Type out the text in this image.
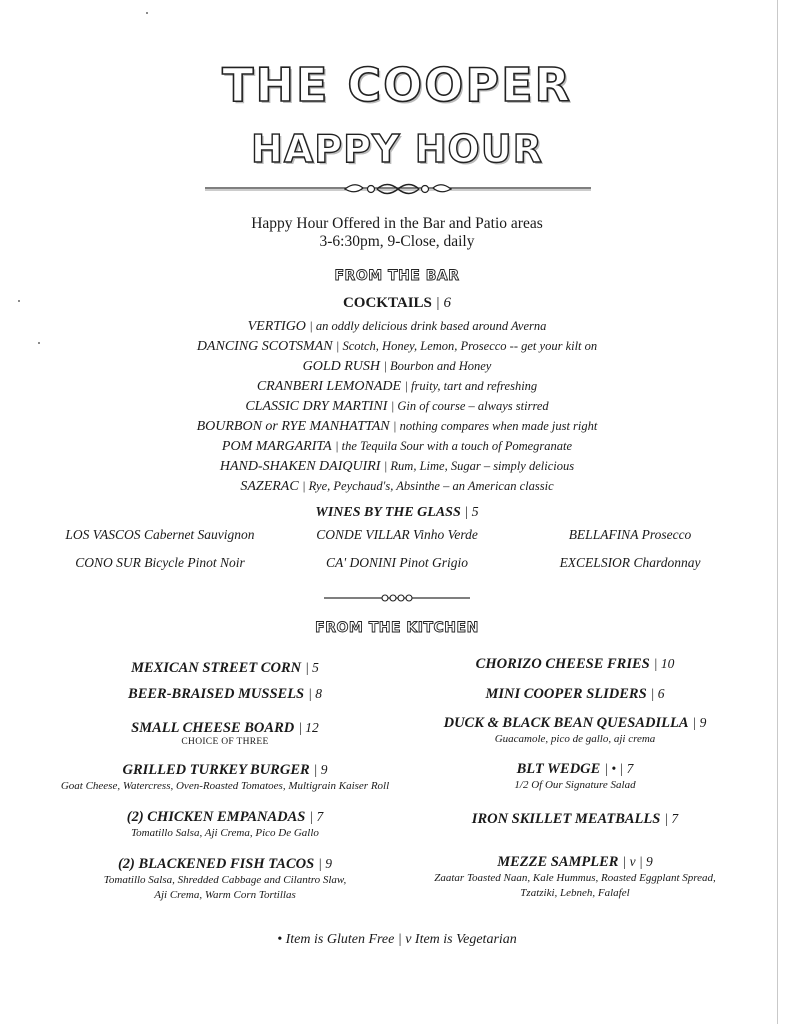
THE COOPER
HAPPY HOUR
Happy Hour Offered in the Bar and Patio areas
3-6:30pm, 9-Close, daily
FROM THE BAR
COCKTAILS | 6
VERTIGO | an oddly delicious drink based around Averna
DANCING SCOTSMAN | Scotch, Honey, Lemon, Prosecco -- get your kilt on
GOLD RUSH | Bourbon and Honey
CRANBERI LEMONADE | fruity, tart and refreshing
CLASSIC DRY MARTINI | Gin of course – always stirred
BOURBON or RYE MANHATTAN | nothing compares when made just right
POM MARGARITA | the Tequila Sour with a touch of Pomegranate
HAND-SHAKEN DAIQUIRI | Rum, Lime, Sugar – simply delicious
SAZERAC | Rye, Peychaud's, Absinthe – an American classic
WINES BY THE GLASS | 5
LOS VASCOS Cabernet Sauvignon	CONDE VILLAR Vinho Verde	BELLAFINA Prosecco
CONO SUR Bicycle Pinot Noir	CA' DONINI Pinot Grigio	EXCELSIOR Chardonnay
FROM THE KITCHEN
MEXICAN STREET CORN | 5
BEER-BRAISED MUSSELS | 8
SMALL CHEESE BOARD | 12
CHOICE OF THREE
GRILLED TURKEY BURGER | 9
Goat Cheese, Watercress, Oven-Roasted Tomatoes, Multigrain Kaiser Roll
(2) CHICKEN EMPANADAS | 7
Tomatillo Salsa, Aji Crema, Pico De Gallo
(2) BLACKENED FISH TACOS | 9
Tomatillo Salsa, Shredded Cabbage and Cilantro Slaw,
Aji Crema, Warm Corn Tortillas
CHORIZO CHEESE FRIES | 10
MINI COOPER SLIDERS | 6
DUCK & BLACK BEAN QUESADILLA | 9
Guacamole, pico de gallo, aji crema
BLT WEDGE | • | 7
1/2 Of Our Signature Salad
IRON SKILLET MEATBALLS | 7
MEZZE SAMPLER | v | 9
Zaatar Toasted Naan, Kale Hummus, Roasted Eggplant Spread,
Tzatziki, Lebneh, Falafel
• Item is Gluten Free | v Item is Vegetarian
